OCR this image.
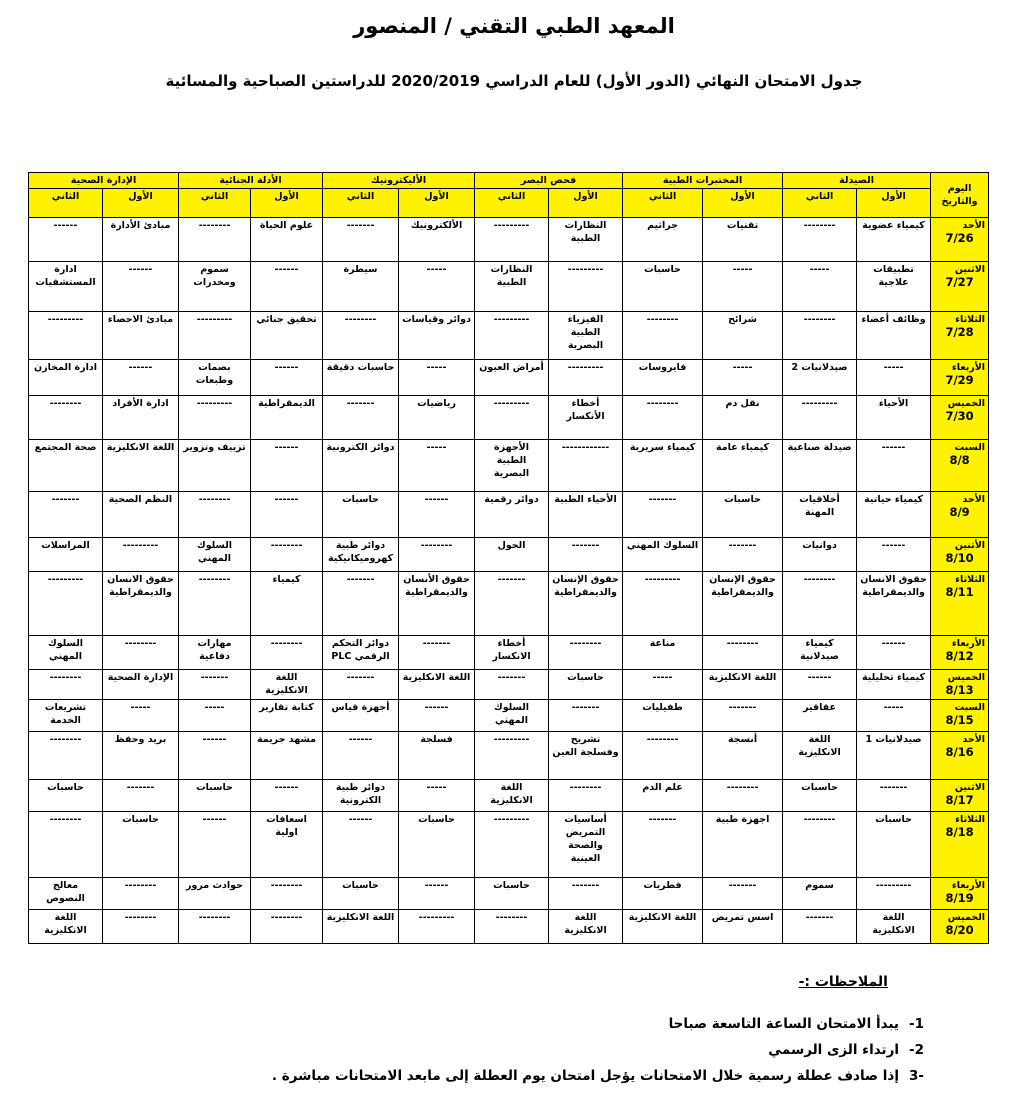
المعهد الطبي التقني / المنصور
جدول الامتحان النهائي (الدور الأول) للعام الدراسي 2020/2019 للدراستين الصباحية والمسائية
اليوم والتاريخ	الصيدلة		المختبرات الطبية		فحص البصر		الأليكترونيك		الأدلة الجنائية		الإدارة الصحية	
	الأول	الثاني	الأول	الثاني	الأول	الثاني	الأول	الثاني	الأول	الثاني	الأول	الثاني

الأحد
7/26	كيمياء عضوية	--------	تقنيات	جراثيم	النظارات الطبية	---------	الألكترونيك	-------	علوم الحياة	--------	مبادئ الأدارة	------

الاثنين
7/27	تطبيقات علاجية	-----	-----	حاسبات	---------	النظارات الطبية	-----	سيطرة	------	سموم ومخدرات	------	ادارة المستشفيات

الثلاثاء
7/28	وظائف أعضاء	--------	شرائح	--------	الفيزياء الطبية البصرية	---------	دوائر وقياسات	--------	تحقيق جنائي	---------	مبادئ الاحصاء	---------

الأربعاء
7/29	-----	صيدلانيات 2	-----	فايروسات	---------	أمراض العيون	-----	حاسبات دقيقة	------	بصمات وطبعات	------	ادارة المخازن

الخميس
7/30	الأحياء	---------	نقل دم	--------	أخطاء الأنكسار	---------	رياضيات	-------	الديمقراطية	---------	ادارة الأفراد	--------

السبت
8/8	------	صيدلة صناعية	كيمياء عامة	كيمياء سريرية	------------	الأجهزة الطبية البصرية	-----	دوائر الكترونية	------	تزييف وتزوير	اللغة الانكليزية	صحة المجتمع

الأحد
8/9	كيمياء حياتية	أخلاقيات المهنة	حاسبات	-------	الأحياء الطبية	دوائر رقمية	------	حاسبات	------	--------	النظم الصحية	-------

الأثنين
8/10	------	دوانيات	-------	السلوك المهني	-------	الحول	--------	دوائر طبية كهروميكانيكية	--------	السلوك المهني	---------	المراسلات

الثلاثاء
8/11	حقوق الانسان والديمقراطية	--------	حقوق الإنسان والديمقراطية	---------	حقوق الإنسان والديمقراطية	-------	حقوق الأنسان والديمقراطية	-------	كيمياء	--------	حقوق الانسان والديمقراطية	---------

الأربعاء
8/12	------	كيمياء صيدلانية	--------	مناعة	--------	أخطاء الانكسار	-------	دوائر التحكم الرقمي PLC	--------	مهارات دفاعية	--------	السلوك المهني

الخميس
8/13	كيمياء تحليلية	------	اللغة الانكليزية	-----	حاسبات	-------	اللغة الانكليزية	-------	اللغة الانكليزية	-------	الإدارة الصحية	--------

السبت
8/15	-----	عقاقير	-------	طفيليات	-------	السلوك المهني	------	أجهزة قياس	كتابة تقارير	-----	-----	تشريعات الخدمة

الأحد
8/16	صيدلانيات 1	اللغة الانكليزية	أنسجة	--------	تشريح وفسلجة العين	---------	فسلجة	------	مشهد جريمة	------	بريد وحفظ	--------

الاثنين
8/17	-------	حاسبات	--------	علم الدم	--------	اللغة الانكليزية	-----	دوائر طبية الكترونية	------	حاسبات	-------	حاسبات

الثلاثاء
8/18	حاسبات	--------	اجهزة طبية	-------	أساسيات التمريض والصحة العينية	---------	حاسبات	------	اسعافات اولية	------	حاسبات	--------

الأربعاء
8/19	---------	سموم	-------	فطريات	-------	حاسبات	------	حاسبات	--------	حوادث مرور	--------	معالج النصوص

الخميس
8/20	اللغة الانكليزية	-------	اسس تمريض	اللغة الانكليزية	اللغة الانكليزية	--------	---------	اللغة الانكليزية	--------	--------	--------	اللغة الانكليزية
الملاحظات :-
1-يبدأ الامتحان الساعة التاسعة صباحا
2-ارتداء الزى الرسمي
-3إذا صادف عطلة رسمية خلال الامتحانات يؤجل امتحان يوم العطلة إلى مابعد الامتحانات مباشرة .
